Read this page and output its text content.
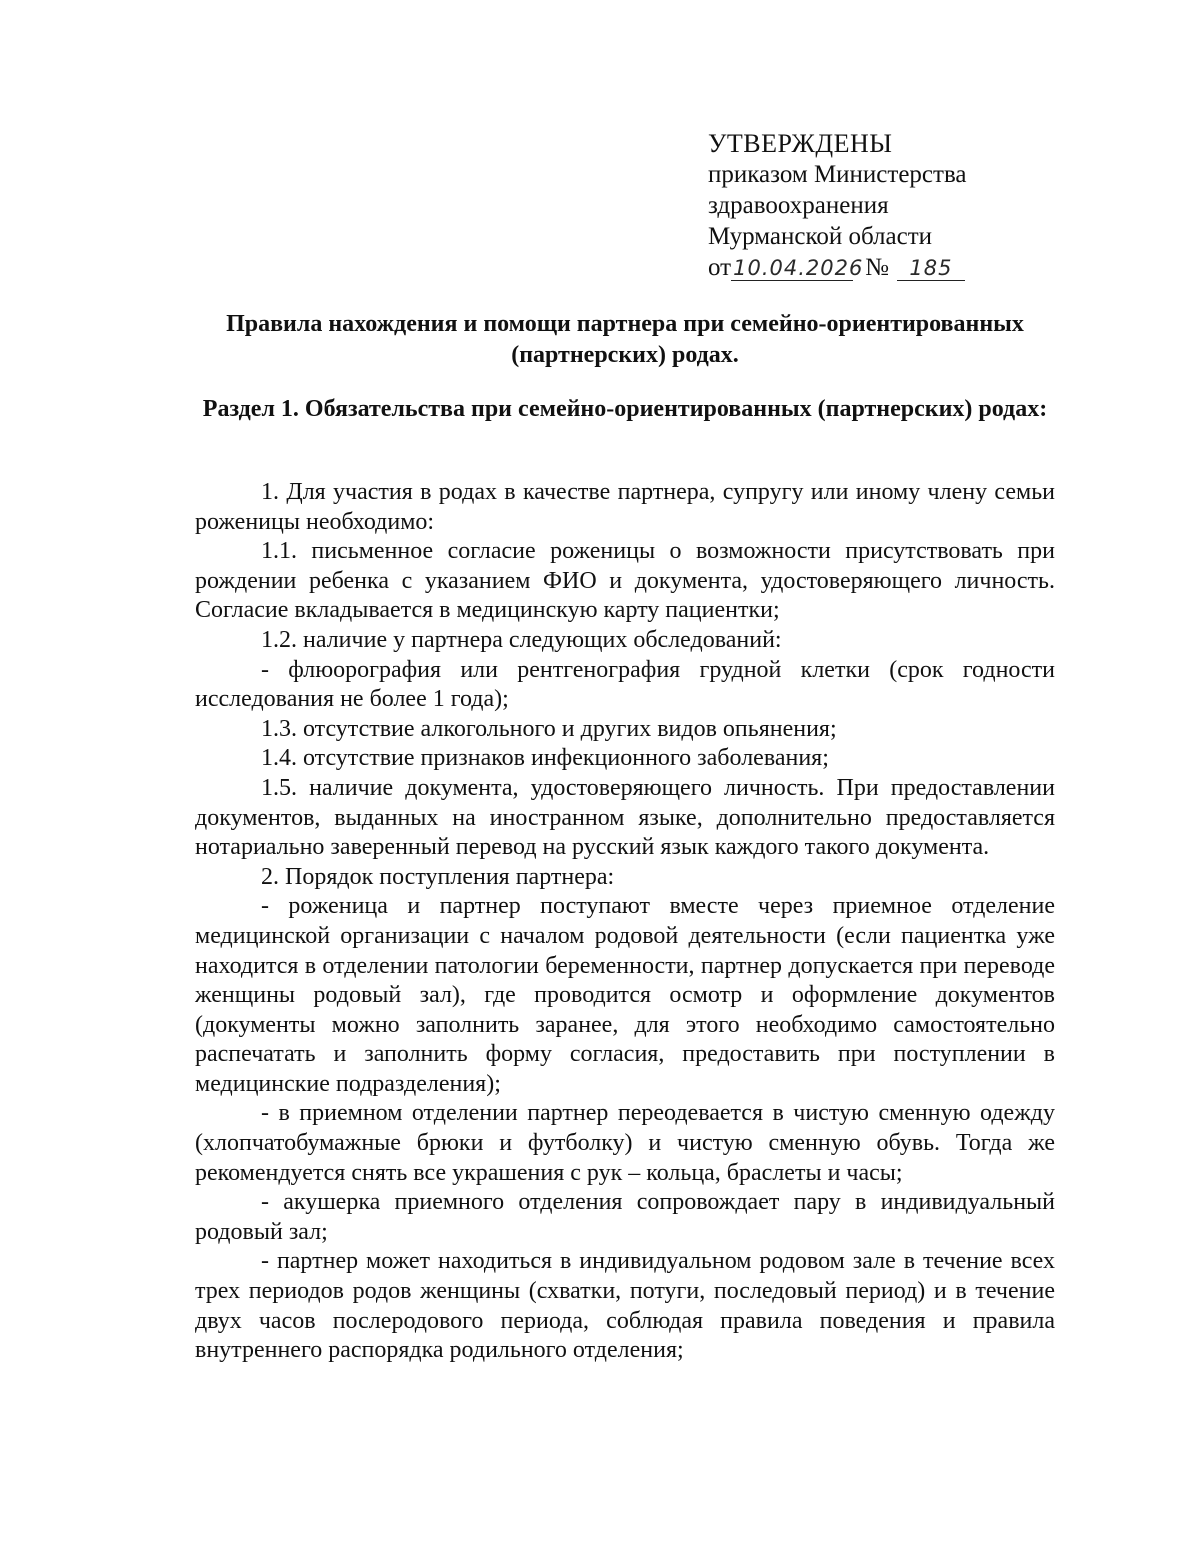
УТВЕРЖДЕНЫ
приказом Министерства
здравоохранения
Мурманской области
от 10.04.2026 № 185
Правила нахождения и помощи партнера при семейно-ориентированных (партнерских) родах.
Раздел 1. Обязательства при семейно-ориентированных (партнерских) родах:

1. Для участия в родах в качестве партнера, супругу или иному члену семьи роженицы необходимо:

1.1. письменное согласие роженицы о возможности присутствовать при рождении ребенка с указанием ФИО и документа, удостоверяющего личность. Согласие вкладывается в медицинскую карту пациентки;

1.2. наличие у партнера следующих обследований:

- флюорография или рентгенография грудной клетки (срок годности исследования не более 1 года);

1.3. отсутствие алкогольного и других видов опьянения;

1.4. отсутствие признаков инфекционного заболевания;

1.5. наличие документа, удостоверяющего личность. При предоставлении документов, выданных на иностранном языке, дополнительно предоставляется нотариально заверенный перевод на русский язык каждого такого документа.

2. Порядок поступления партнера:

- роженица и партнер поступают вместе через приемное отделение медицинской организации с началом родовой деятельности (если пациентка уже находится в отделении патологии беременности, партнер допускается при переводе женщины родовый зал), где проводится осмотр и оформление документов (документы можно заполнить заранее, для этого необходимо самостоятельно распечатать и заполнить форму согласия, предоставить при поступлении в медицинские подразделения);

- в приемном отделении партнер переодевается в чистую сменную одежду (хлопчатобумажные брюки и футболку) и чистую сменную обувь. Тогда же рекомендуется снять все украшения с рук – кольца, браслеты и часы;

- акушерка приемного отделения сопровождает пару в индивидуальный родовый зал;

- партнер может находиться в индивидуальном родовом зале в течение всех трех периодов родов женщины (схватки, потуги, последовый период) и в течение двух часов послеродового периода, соблюдая правила поведения и правила внутреннего распорядка родильного отделения;
